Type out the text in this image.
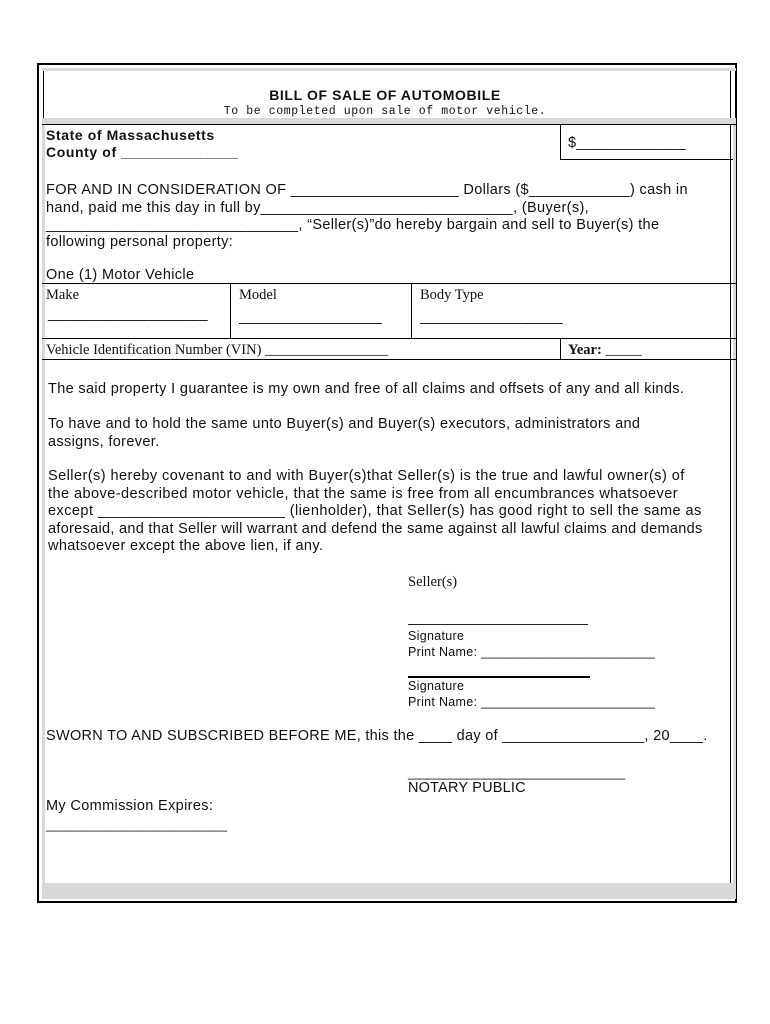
BILL OF SALE OF AUTOMOBILE
To be completed upon sale of motor vehicle.
State of Massachusetts
County of ______________
$_____________
FOR AND IN CONSIDERATION OF ____________________ Dollars ($____________) cash in
hand, paid me this day in full by______________________________, (Buyer(s),
______________________________, “Seller(s)”do hereby bargain and sell to Buyer(s) the
following personal property:
One (1) Motor Vehicle
Make
___________________
Model
_________________
Body Type
_________________
Vehicle Identification Number (VIN) _________________	Year: _____
The said property I guarantee is my own and free of all claims and offsets of any and all kinds.
To have and to hold the same unto Buyer(s) and Buyer(s) executors, administrators and
assigns, forever.
Seller(s) hereby covenant to and with Buyer(s)that Seller(s) is the true and lawful owner(s) of
the above-described motor vehicle, that the same is free from all encumbrances whatsoever
except ______________________ (lienholder), that Seller(s) has good right to sell the same as
aforesaid, and that Seller will warrant and defend the same against all lawful claims and demands
whatsoever except the above lien, if any.
Seller(s)
Signature
Print Name: ________________________
Signature
Print Name: ________________________
SWORN TO AND SUBSCRIBED BEFORE ME, this the ____ day of _________________, 20____.
______________________________
NOTARY PUBLIC
My Commission Expires:
_________________________
